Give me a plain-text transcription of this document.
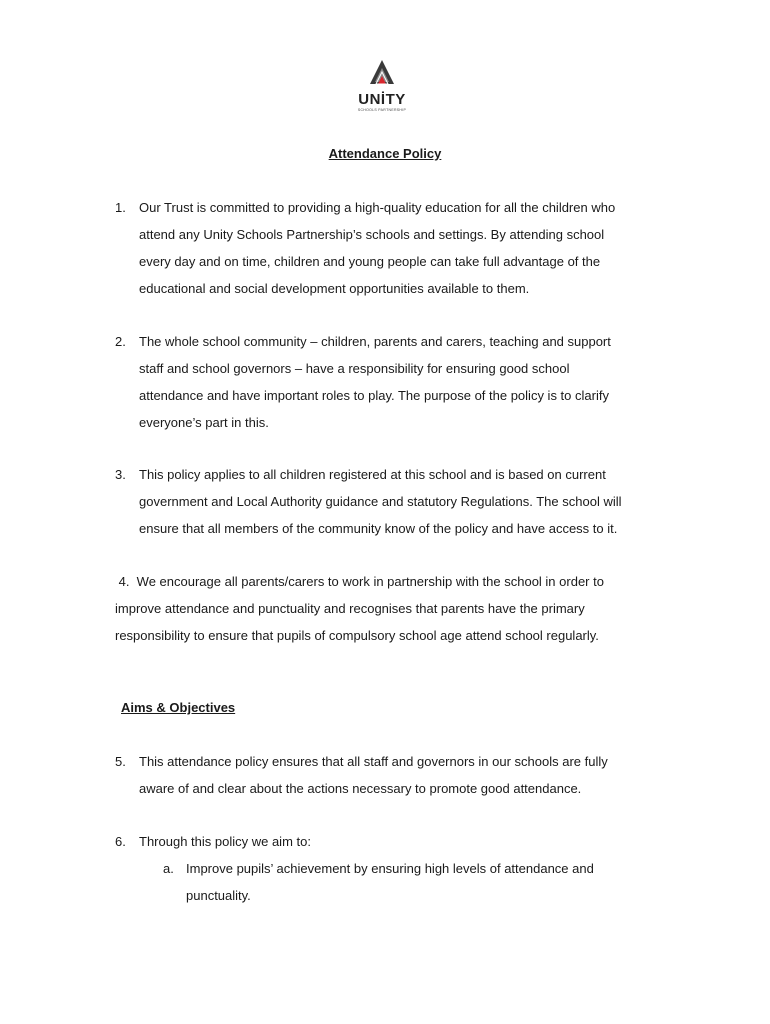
UNİTY
SCHOOLS PARTNERSHIP
Attendance Policy
1. Our Trust is committed to providing a high-quality education for all the children who
attend any Unity Schools Partnership’s schools and settings. By attending school
every day and on time, children and young people can take full advantage of the
educational and social development opportunities available to them.
2. The whole school community – children, parents and carers, teaching and support
staff and school governors – have a responsibility for ensuring good school
attendance and have important roles to play. The purpose of the policy is to clarify
everyone’s part in this.
3. This policy applies to all children registered at this school and is based on current
government and Local Authority guidance and statutory Regulations. The school will
ensure that all members of the community know of the policy and have access to it.
4.  We encourage all parents/carers to work in partnership with the school in order to
improve attendance and punctuality and recognises that parents have the primary
responsibility to ensure that pupils of compulsory school age attend school regularly.
Aims & Objectives
5. This attendance policy ensures that all staff and governors in our schools are fully
aware of and clear about the actions necessary to promote good attendance.
6. Through this policy we aim to:
a. Improve pupils’ achievement by ensuring high levels of attendance and
punctuality.
